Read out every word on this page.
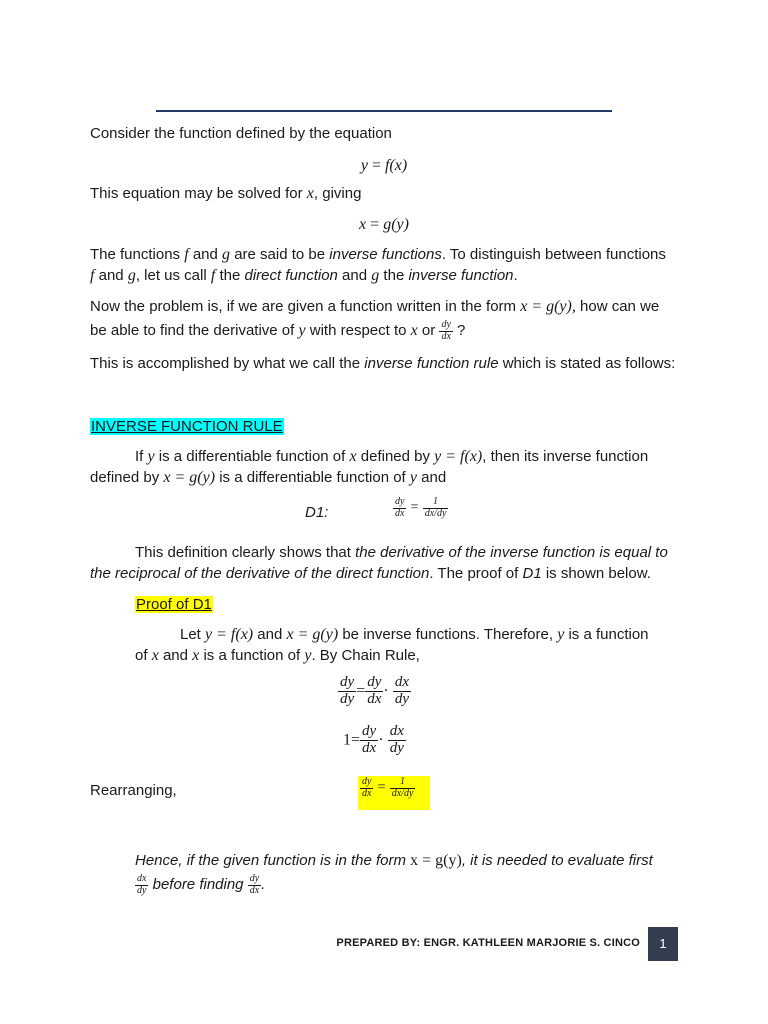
Consider the function defined by the equation
y = f(x)
This equation may be solved for x, giving
x = g(y)
The functions f and g are said to be inverse functions. To distinguish between functions
f and g, let us call f the direct function and g the inverse function.
Now the problem is, if we are given a function written in the form x = g(y), how can we
be able to find the derivative of y with respect to x or $\frac{dy}{dx}$ ?
This is accomplished by what we call the inverse function rule which is stated as follows:
INVERSE FUNCTION RULE
If y is a differentiable function of x defined by y = f(x), then its inverse function
defined by x = g(y) is a differentiable function of y and
D1:	$\frac{dy}{dx} = \frac{1}{dx/dy}$
This definition clearly shows that the derivative of the inverse function is equal to
the reciprocal of the derivative of the direct function. The proof of D1 is shown below.
Proof of D1
Let y = f(x) and x = g(y) be inverse functions. Therefore, y is a function
of x and x is a function of y. By Chain Rule,
$\frac{dy}{dy} = \frac{dy}{dx} \cdot \frac{dx}{dy}$
$1= \frac{dy}{dx} \cdot \frac{dx}{dy}$
Rearranging,	$\frac{dy}{dx} = \frac{1}{dx/dy}$
Hence, if the given function is in the form x = g(y), it is needed to evaluate first
$\frac{dx}{dy}$ before finding $\frac{dy}{dx}$ .
PREPARED BY: ENGR. KATHLEEN MARJORIE S. CINCO	1
